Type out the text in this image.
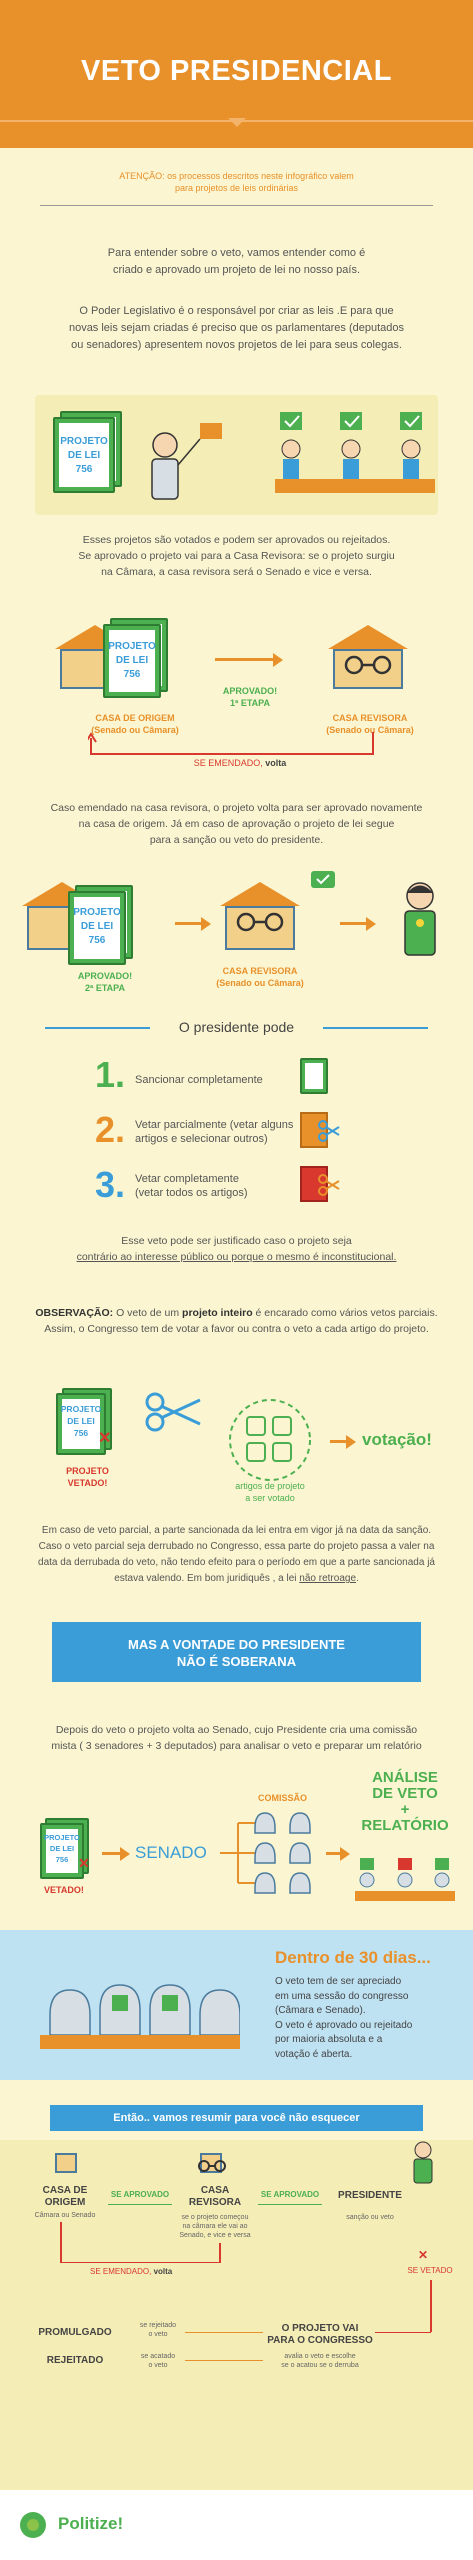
VETO PRESIDENCIAL
ATENÇÃO: os processos descritos neste infográfico valem
para projetos de leis ordinárias
Para entender sobre o veto, vamos entender como é
criado e aprovado um projeto de lei no nosso país.
O Poder Legislativo é o responsável por criar as leis .E para que
novas leis sejam criadas é preciso que os parlamentares (deputados
ou senadores) apresentem novos projetos de lei para seus colegas.
PROJETO
DE LEI
756
Esses projetos são votados e podem ser aprovados ou rejeitados.
Se aprovado o projeto vai para a Casa Revisora: se o projeto surgiu
na Câmara, a casa revisora será o Senado e vice e versa.
PROJETO
DE LEI
756
CASA DE ORIGEM
(Senado ou Câmara)
APROVADO!
1ª ETAPA
CASA REVISORA
(Senado ou Câmara)
SE EMENDADO, volta
Caso emendado na casa revisora, o projeto volta para ser aprovado novamente
na casa de origem. Já em caso de aprovação o projeto de lei segue
para a sanção ou veto do presidente.
PROJETO
DE LEI
756
APROVADO!
2ª ETAPA
CASA REVISORA
(Senado ou Câmara)
O presidente pode
1. Sancionar completamente
2. Vetar parcialmente (vetar alguns
artigos e selecionar outros)
3. Vetar completamente
(vetar todos os artigos)
Esse veto pode ser justificado caso o projeto seja
contrário ao interesse público ou porque o mesmo é inconstitucional.
OBSERVAÇÃO: O veto de um projeto inteiro é encarado como vários vetos parciais.
Assim, o Congresso tem de votar a favor ou contra o veto a cada artigo do projeto.
PROJETO
DE LEI
756 ✕
PROJETO
VETADO!	artigos de projeto
a ser votado
votação!
Em caso de veto parcial, a parte sancionada da lei entra em vigor já na data da sanção.
Caso o veto parcial seja derrubado no Congresso, essa parte do projeto passa a valer na
data da derrubada do veto, não tendo efeito para o período em que a parte sancionada já
estava valendo. Em bom juridiquês , a lei não retroage.
MAS A VONTADE DO PRESIDENTE
NÃO É SOBERANA
Depois do veto o projeto volta ao Senado, cujo Presidente cria uma comissão
mista ( 3 senadores + 3 deputados) para analisar o veto e preparar um relatório
PROJETO
DE LEI
756 ✕
VETADO!
SENADO
COMISSÃO
ANÁLISE
DE VETO
+
RELATÓRIO
Dentro de 30 dias...
O veto tem de ser apreciado
em uma sessão do congresso
(Câmara e Senado).
O veto é aprovado ou rejeitado
por maioria absoluta e a
votação é aberta.
Então.. vamos resumir para você não esquecer
CASA DE
ORIGEM
Câmara ou Senado
SE APROVADO	CASA
REVISORA
se o projeto começou
na câmara ele vai ao
Senado, e vice e versa
SE APROVADO	PRESIDENTE
sanção ou veto
SE EMENDADO, volta
✕
SE VETADO
O PROJETO VAI
PARA O CONGRESSO
avalia o veto e escolhe
se o acatou se o derruba
PROMULGADO
se rejeitado
o veto
REJEITADO	se acatado
o veto
Politize!
